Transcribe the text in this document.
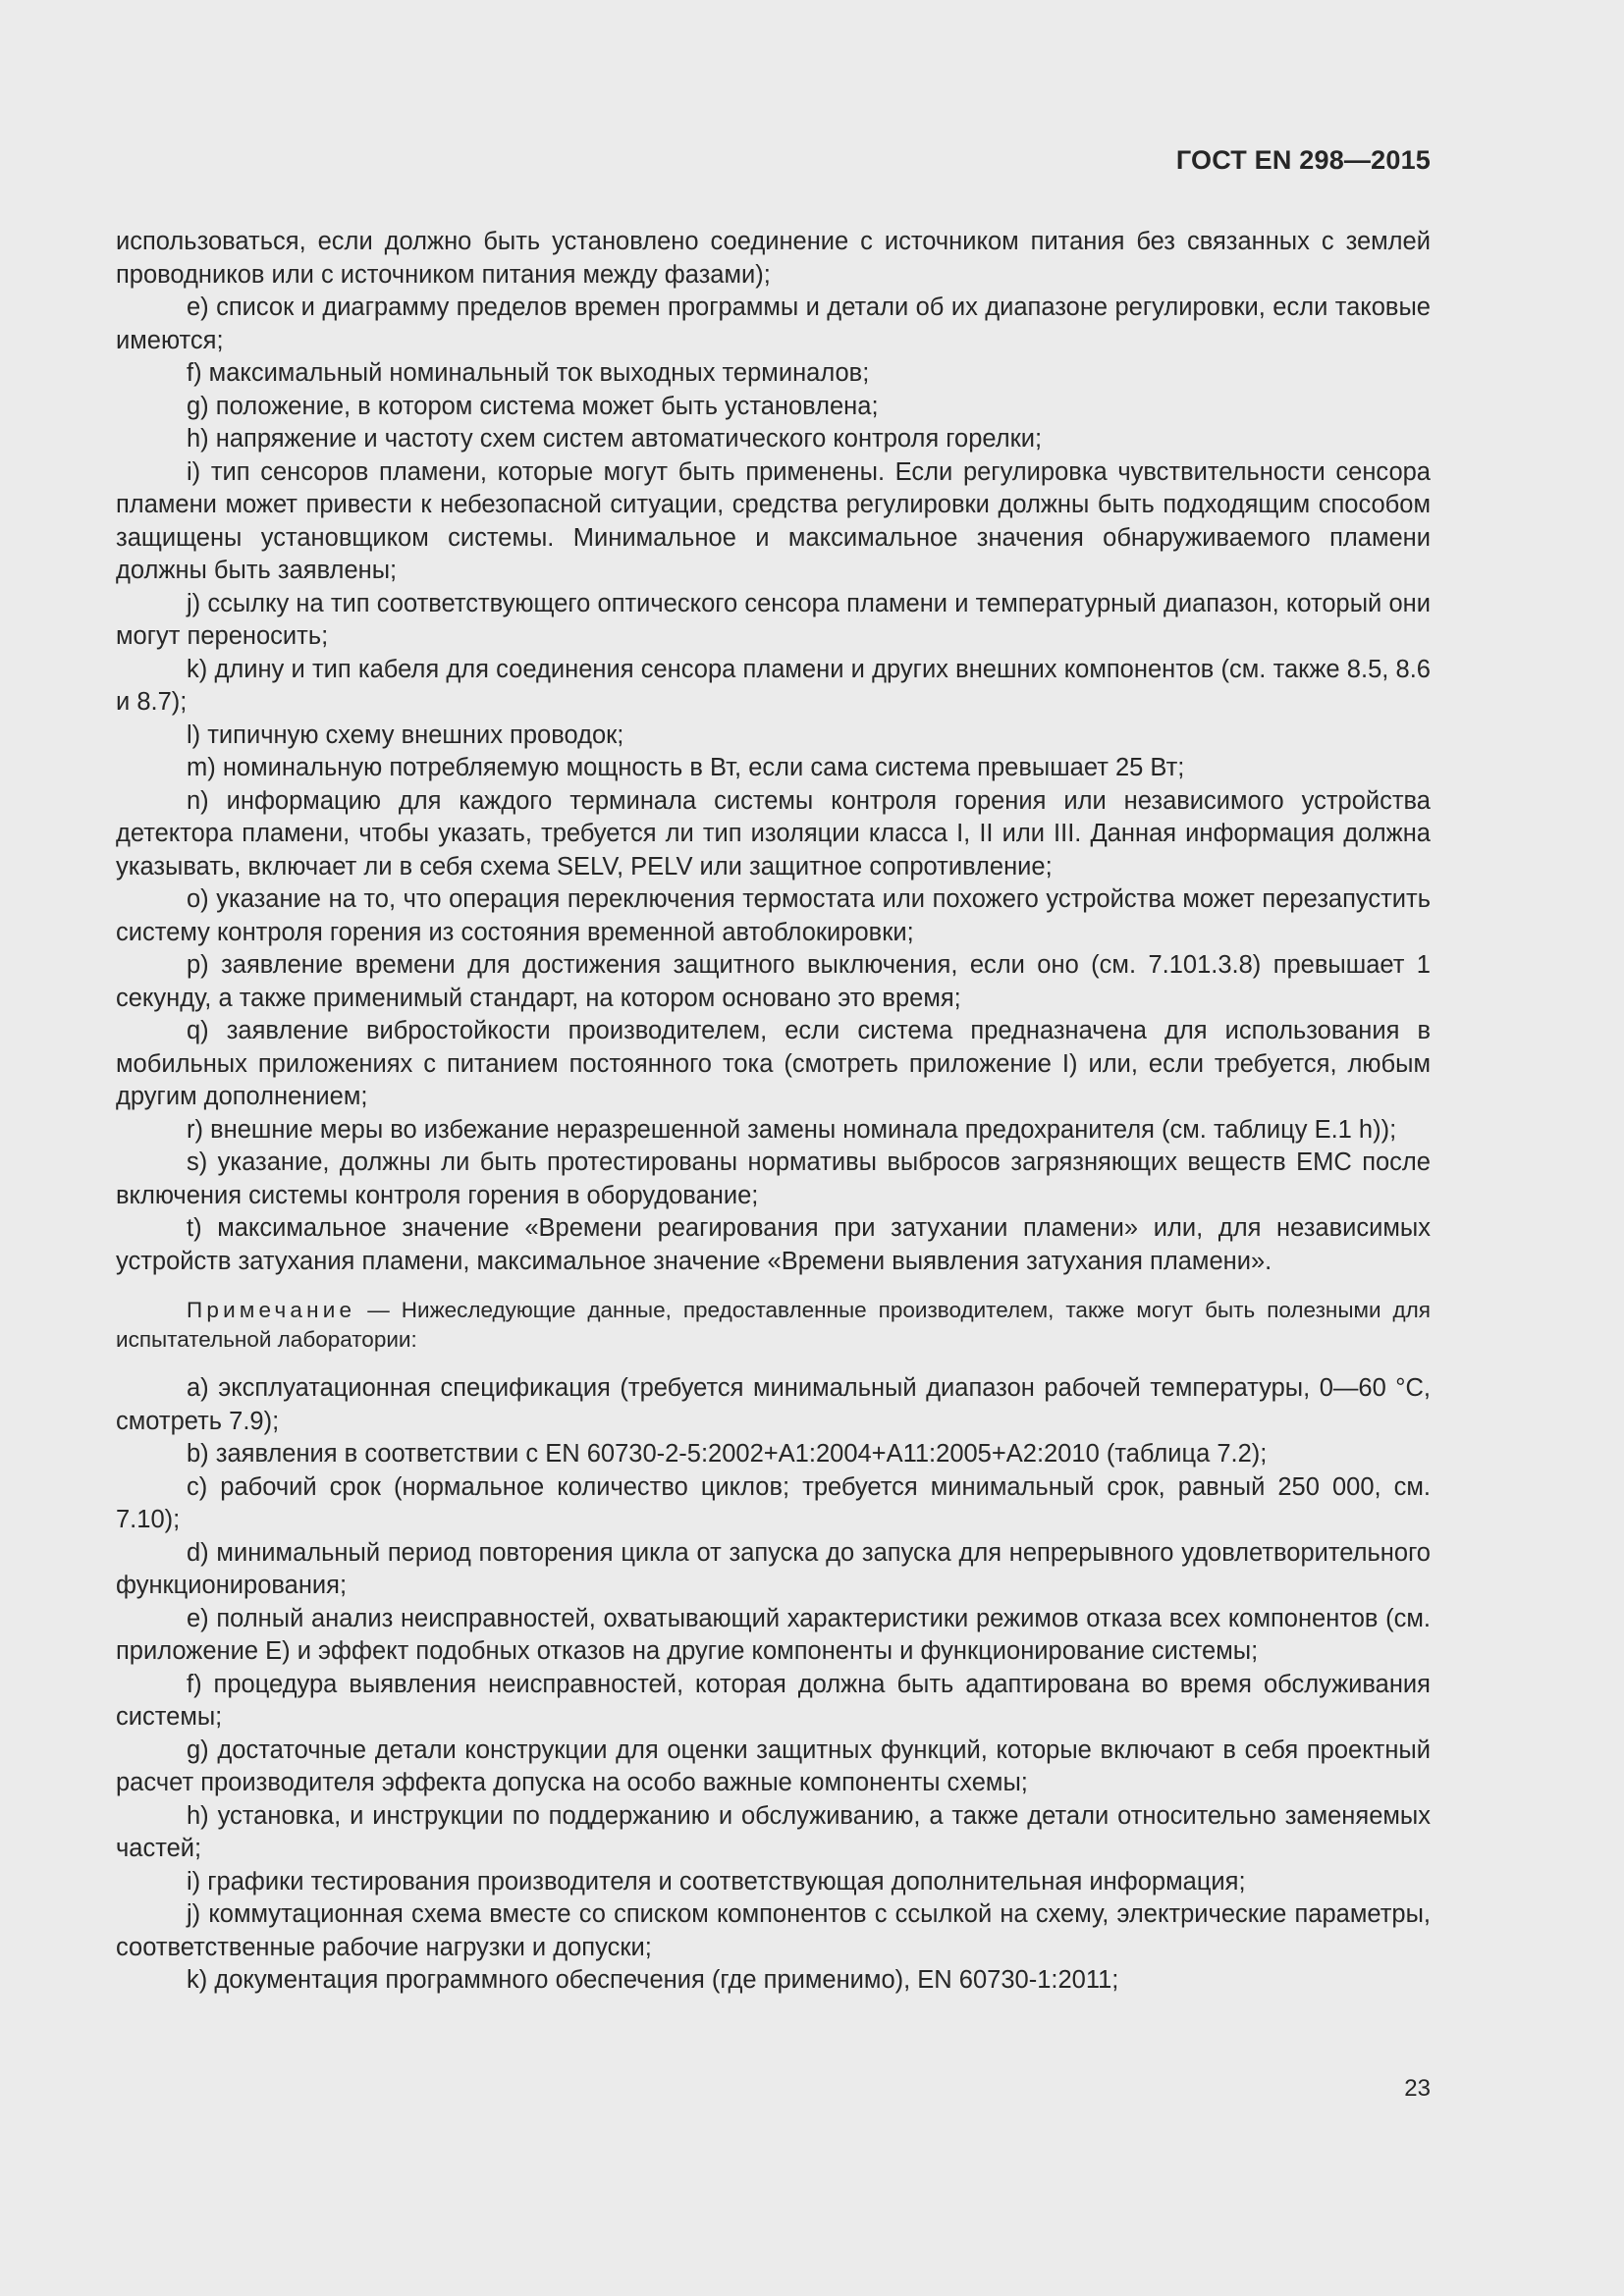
ГОСТ EN 298—2015

использоваться, если должно быть установлено соединение с источником питания без связанных с землей проводников или с источником питания между фазами);

e) список и диаграмму пределов времен программы и детали об их диапазоне регулировки, если таковые имеются;

f) максимальный номинальный ток выходных терминалов;

g) положение, в котором система может быть установлена;

h) напряжение и частоту схем систем автоматического контроля горелки;

i) тип сенсоров пламени, которые могут быть применены. Если регулировка чувствительности сенсора пламени может привести к небезопасной ситуации, средства регулировки должны быть подходящим способом защищены установщиком системы. Минимальное и максимальное значения обнаруживаемого пламени должны быть заявлены;

j) ссылку на тип соответствующего оптического сенсора пламени и температурный диапазон, который они могут переносить;

k) длину и тип кабеля для соединения сенсора пламени и других внешних компонентов (см. также 8.5, 8.6 и 8.7);

l) типичную схему внешних проводок;

m) номинальную потребляемую мощность в Вт, если сама система превышает 25 Вт;

n) информацию для каждого терминала системы контроля горения или независимого устройства детектора пламени, чтобы указать, требуется ли тип изоляции класса I, II или III. Данная информация должна указывать, включает ли в себя схема SELV, PELV или защитное сопротивление;

o) указание на то, что операция переключения термостата или похожего устройства может перезапустить систему контроля горения из состояния временной автоблокировки;

p) заявление времени для достижения защитного выключения, если оно (см. 7.101.3.8) превышает 1 секунду, а также применимый стандарт, на котором основано это время;

q) заявление вибростойкости производителем, если система предназначена для использования в мобильных приложениях с питанием постоянного тока (смотреть приложение I) или, если требуется, любым другим дополнением;

r) внешние меры во избежание неразрешенной замены номинала предохранителя (см. таблицу E.1 h));

s) указание, должны ли быть протестированы нормативы выбросов загрязняющих веществ EMC после включения системы контроля горения в оборудование;

t) максимальное значение «Времени реагирования при затухании пламени» или, для независимых устройств затухания пламени, максимальное значение «Времени выявления затухания пламени».

Примечание — Нижеследующие данные, предоставленные производителем, также могут быть полезными для испытательной лаборатории:

a) эксплуатационная спецификация (требуется минимальный диапазон рабочей температуры, 0—60 °С, смотреть 7.9);

b) заявления в соответствии с EN 60730-2-5:2002+A1:2004+A11:2005+A2:2010 (таблица 7.2);

c) рабочий срок (нормальное количество циклов; требуется минимальный срок, равный 250 000, см. 7.10);

d) минимальный период повторения цикла от запуска до запуска для непрерывного удовлетворительного функционирования;

e) полный анализ неисправностей, охватывающий характеристики режимов отказа всех компонентов (см. приложение E) и эффект подобных отказов на другие компоненты и функционирование системы;

f) процедура выявления неисправностей, которая должна быть адаптирована во время обслуживания системы;

g) достаточные детали конструкции для оценки защитных функций, которые включают в себя проектный расчет производителя эффекта допуска на особо важные компоненты схемы;

h) установка, и инструкции по поддержанию и обслуживанию, а также детали относительно заменяемых частей;

i) графики тестирования производителя и соответствующая дополнительная информация;

j) коммутационная схема вместе со списком компонентов с ссылкой на схему, электрические параметры, соответственные рабочие нагрузки и допуски;

k) документация программного обеспечения (где применимо), EN 60730-1:2011;

23
